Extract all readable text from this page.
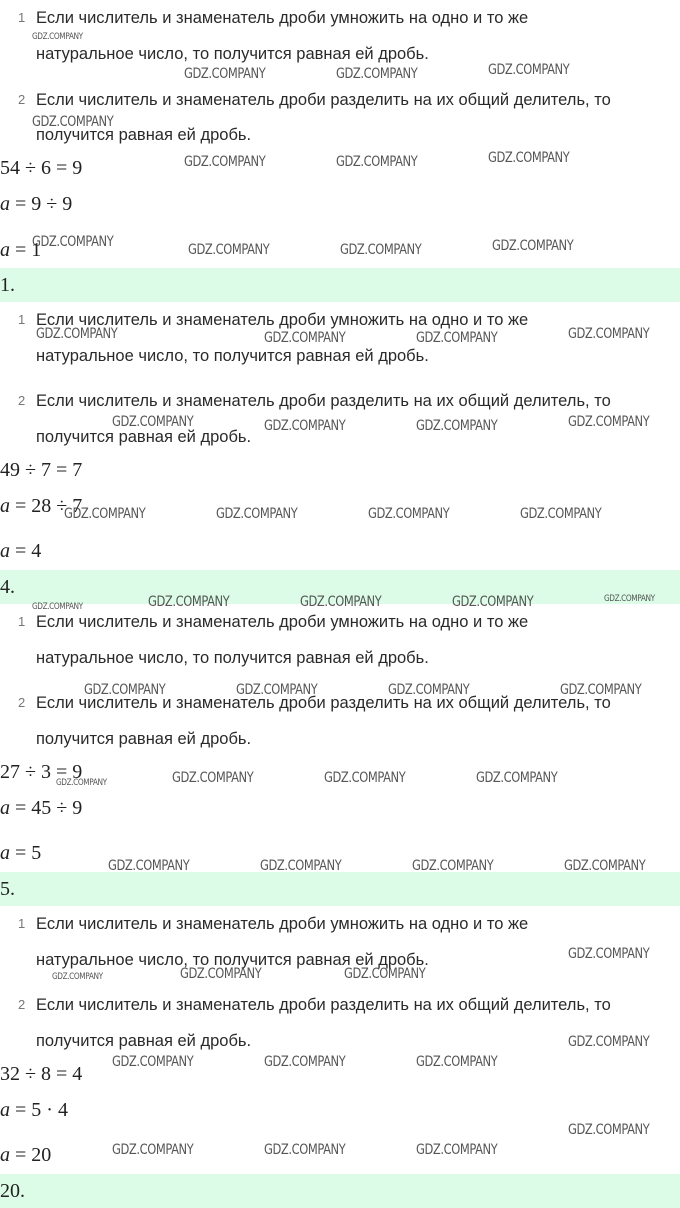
1 Если числитель и знаменатель дроби умножить на одно и то же
натуральное число, то получится равная ей дробь.
2 Если числитель и знаменатель дроби разделить на их общий делитель, то
получится равная ей дробь.
54 ÷ 6 = 9
a = 9 ÷ 9
a = 1
1.
1 Если числитель и знаменатель дроби умножить на одно и то же
натуральное число, то получится равная ей дробь.
2 Если числитель и знаменатель дроби разделить на их общий делитель, то
получится равная ей дробь.
49 ÷ 7 = 7
a = 28 ÷ 7
a = 4
4.
1 Если числитель и знаменатель дроби умножить на одно и то же
натуральное число, то получится равная ей дробь.
2 Если числитель и знаменатель дроби разделить на их общий делитель, то
получится равная ей дробь.
27 ÷ 3 = 9
a = 45 ÷ 9
a = 5
5.
1 Если числитель и знаменатель дроби умножить на одно и то же
натуральное число, то получится равная ей дробь.
2 Если числитель и знаменатель дроби разделить на их общий делитель, то
получится равная ей дробь.
32 ÷ 8 = 4
a = 5 · 4
a = 20
20.
GDZ.COMPANY
GDZ.COMPANY	GDZ.COMPANY	GDZ.COMPANY
GDZ.COMPANY
GDZ.COMPANY	GDZ.COMPANY	GDZ.COMPANY
GDZ.COMPANY	GDZ.COMPANY	GDZ.COMPANY	GDZ.COMPANY
GDZ.COMPANY	GDZ.COMPANY	GDZ.COMPANY	GDZ.COMPANY
GDZ.COMPANY	GDZ.COMPANY	GDZ.COMPANY	GDZ.COMPANY
GDZ.COMPANY	GDZ.COMPANY	GDZ.COMPANY	GDZ.COMPANY
GDZ.COMPANY	GDZ.COMPANY	GDZ.COMPANY	GDZ.COMPANY	GDZ.COMPANY
GDZ.COMPANY	GDZ.COMPANY	GDZ.COMPANY	GDZ.COMPANY
GDZ.COMPANY	GDZ.COMPANY	GDZ.COMPANY	GDZ.COMPANY
GDZ.COMPANY	GDZ.COMPANY	GDZ.COMPANY	GDZ.COMPANY
GDZ.COMPANY
GDZ.COMPANY	GDZ.COMPANY	GDZ.COMPANY
GDZ.COMPANY
GDZ.COMPANY	GDZ.COMPANY	GDZ.COMPANY
GDZ.COMPANY
GDZ.COMPANY	GDZ.COMPANY	GDZ.COMPANY
